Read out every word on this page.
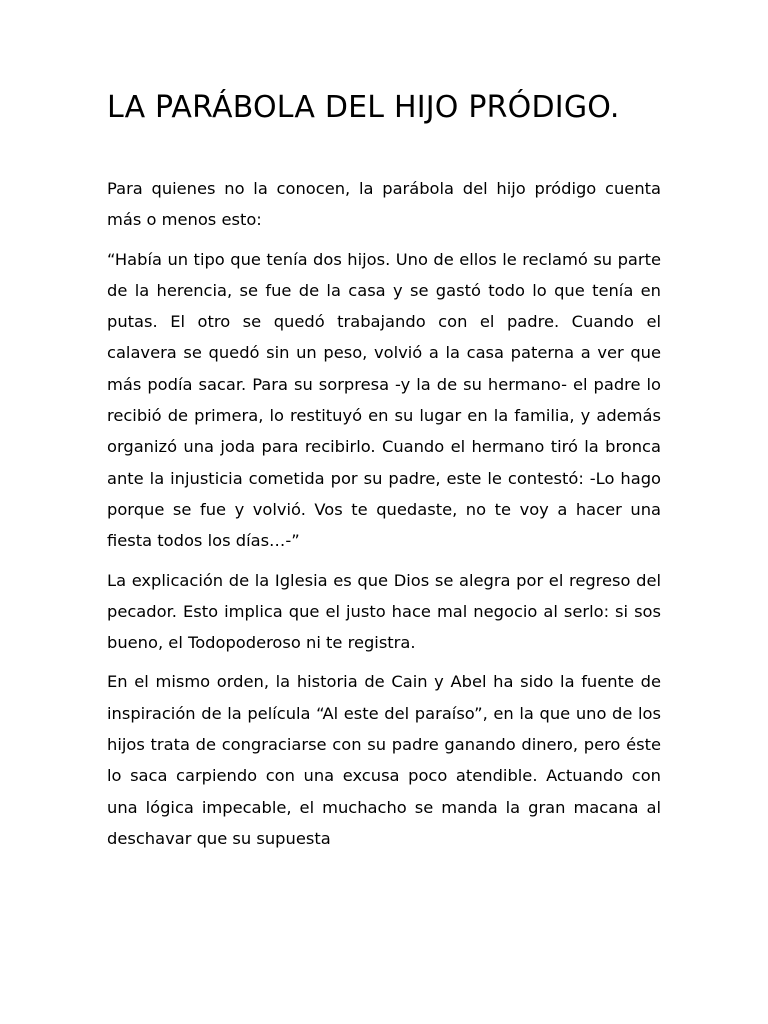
LA PARÁBOLA DEL HIJO PRÓDIGO.

Para quienes no la conocen, la parábola del hijo pródigo cuenta más o menos esto:

“Había un tipo que tenía dos hijos. Uno de ellos le reclamó su parte de la herencia, se fue de la casa y se gastó todo lo que tenía en putas. El otro se quedó trabajando con el padre. Cuando el calavera se quedó sin un peso, volvió a la casa paterna a ver que más podía sacar. Para su sorpresa -y la de su hermano- el padre lo recibió de primera, lo restituyó en su lugar en la familia, y además organizó una joda para recibirlo. Cuando el hermano tiró la bronca ante la injusticia cometida por su padre, este le contestó: -Lo hago porque se fue y volvió. Vos te quedaste, no te voy a hacer una fiesta todos los días…-”

La explicación de la Iglesia es que Dios se alegra por el regreso del pecador. Esto implica que el justo hace mal negocio al serlo: si sos bueno, el Todopoderoso ni te registra.

En el mismo orden, la historia de Cain y Abel ha sido la fuente de inspiración de la película “Al este del paraíso”, en la que uno de los hijos trata de congraciarse con su padre ganando dinero, pero éste lo saca carpiendo con una excusa poco atendible. Actuando con una lógica impecable, el muchacho se manda la gran macana al deschavar que su supuesta
